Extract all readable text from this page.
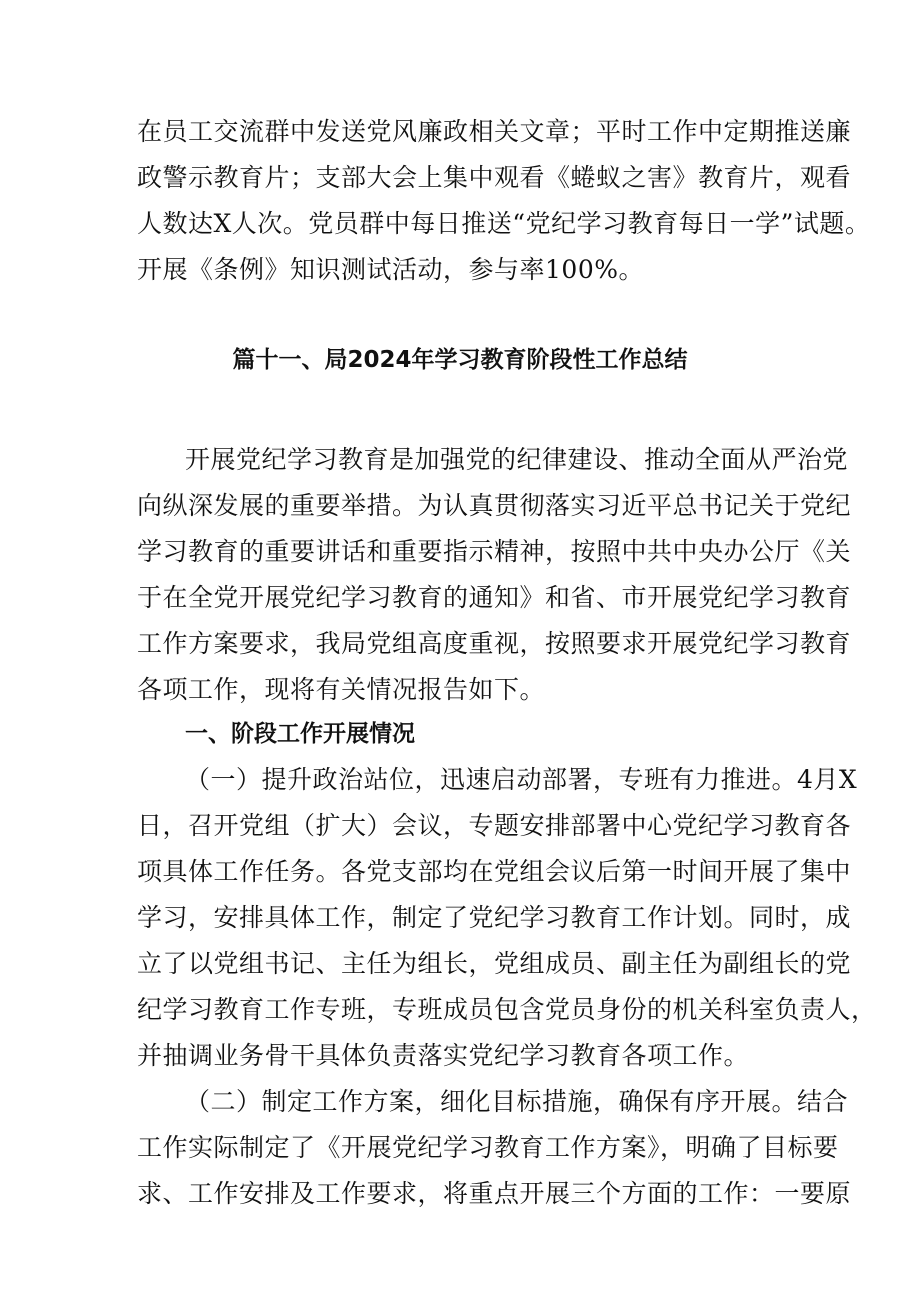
在员工交流群中发送党风廉政相关文章；平时工作中定期推送廉
政警示教育片；支部大会上集中观看《蜷蚁之害》教育片，观看
人数达X人次。党员群中每日推送“党纪学习教育每日一学”试题。
开展《条例》知识测试活动，参与率100%。
篇十一、局2024年学习教育阶段性工作总结
开展党纪学习教育是加强党的纪律建设、推动全面从严治党
向纵深发展的重要举措。为认真贯彻落实习近平总书记关于党纪
学习教育的重要讲话和重要指示精神，按照中共中央办公厅《关
于在全党开展党纪学习教育的通知》和省、市开展党纪学习教育
工作方案要求，我局党组高度重视，按照要求开展党纪学习教育
各项工作，现将有关情况报告如下。
一、阶段工作开展情况
（一）提升政治站位，迅速启动部署，专班有力推进。4月X
日，召开党组（扩大）会议，专题安排部署中心党纪学习教育各
项具体工作任务。各党支部均在党组会议后第一时间开展了集中
学习，安排具体工作，制定了党纪学习教育工作计划。同时，成
立了以党组书记、主任为组长，党组成员、副主任为副组长的党
纪学习教育工作专班，专班成员包含党员身份的机关科室负责人，
并抽调业务骨干具体负责落实党纪学习教育各项工作。
（二）制定工作方案，细化目标措施，确保有序开展。结合
工作实际制定了《开展党纪学习教育工作方案》，明确了目标要
求、工作安排及工作要求，将重点开展三个方面的工作：一要原
